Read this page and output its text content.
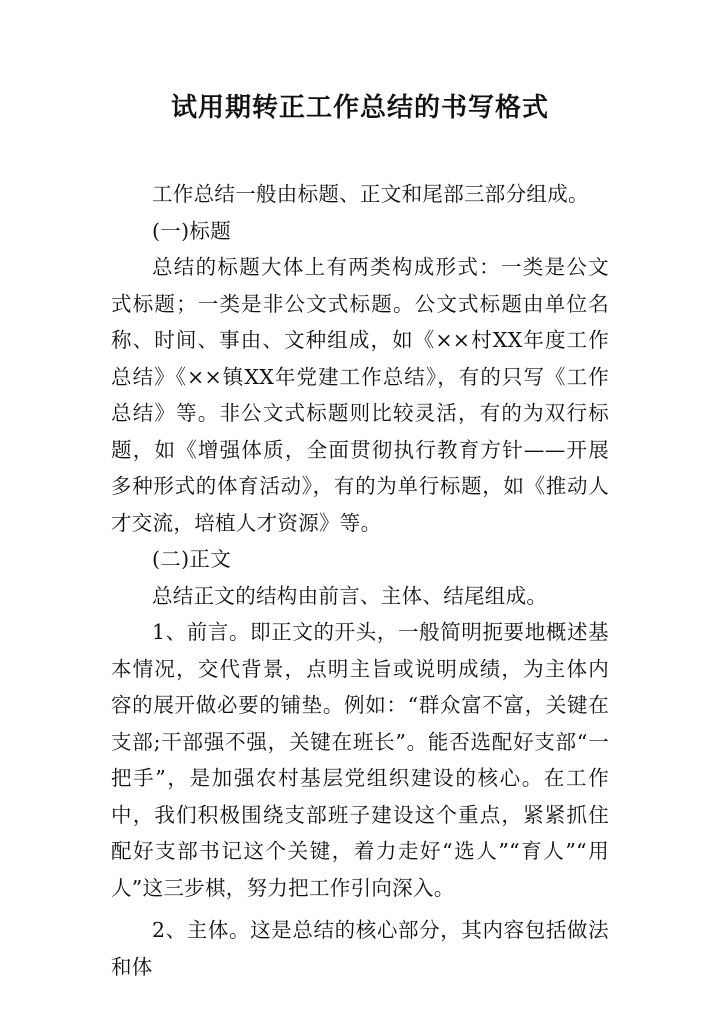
试用期转正工作总结的书写格式

工作总结一般由标题、正文和尾部三部分组成。

(一)标题

总结的标题大体上有两类构成形式：一类是公文式标题；一类是非公文式标题。公文式标题由单位名称、时间、事由、文种组成，如《××村XX年度工作总结》《××镇XX年党建工作总结》，有的只写《工作总结》等。非公文式标题则比较灵活，有的为双行标题，如《增强体质，全面贯彻执行教育方针——开展多种形式的体育活动》，有的为单行标题，如《推动人才交流，培植人才资源》等。

(二)正文

总结正文的结构由前言、主体、结尾组成。

1、前言。即正文的开头，一般简明扼要地概述基本情况，交代背景，点明主旨或说明成绩，为主体内容的展开做必要的铺垫。例如：“群众富不富，关键在支部;干部强不强，关键在班长”。能否选配好支部“一把手”，是加强农村基层党组织建设的核心。在工作中，我们积极围绕支部班子建设这个重点，紧紧抓住配好支部书记这个关键，着力走好“选人”“育人”“用人”这三步棋，努力把工作引向深入。

2、主体。这是总结的核心部分，其内容包括做法和体
